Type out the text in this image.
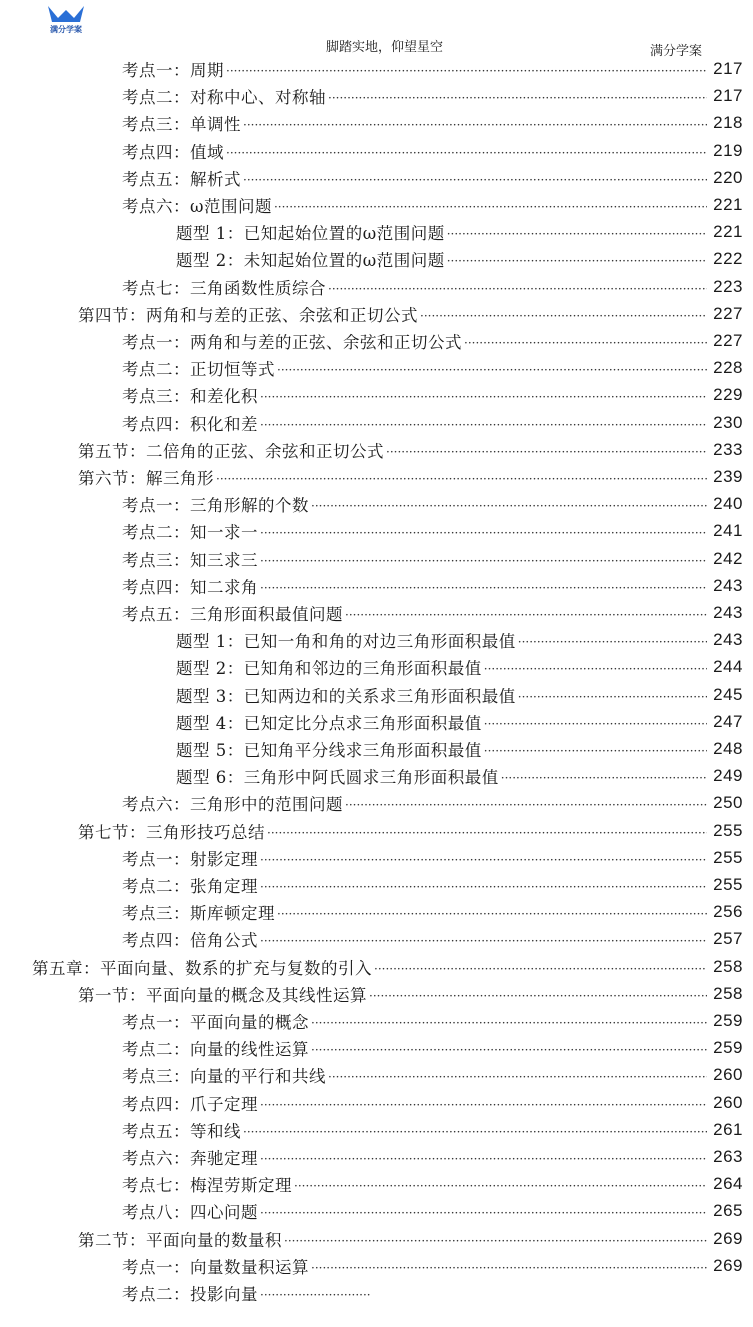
满分学案
脚踏实地，仰望星空	满分学案
考点一：周期 ·····	217
考点二：对称中心、对称轴 ·····	217
考点三：单调性 ·····	218
考点四：值域 ·····	219
考点五：解析式 ·····	220
考点六：ω范围问题 ·····	221
题型 1：已知起始位置的ω范围问题 ·····	221
题型 2：未知起始位置的ω范围问题 ·····	222
考点七：三角函数性质综合 ·····	223
第四节：两角和与差的正弦、余弦和正切公式 ·····	227
考点一：两角和与差的正弦、余弦和正切公式 ·····	227
考点二：正切恒等式 ·····	228
考点三：和差化积 ·····	229
考点四：积化和差 ·····	230
第五节：二倍角的正弦、余弦和正切公式 ·····	233
第六节：解三角形 ·····	239
考点一：三角形解的个数 ·····	240
考点二：知一求一 ·····	241
考点三：知三求三 ·····	242
考点四：知二求角 ·····	243
考点五：三角形面积最值问题 ·····	243
题型 1：已知一角和角的对边三角形面积最值 ·····	243
题型 2：已知角和邻边的三角形面积最值 ·····	244
题型 3：已知两边和的关系求三角形面积最值 ·····	245
题型 4：已知定比分点求三角形面积最值 ·····	247
题型 5：已知角平分线求三角形面积最值 ·····	248
题型 6：三角形中阿氏圆求三角形面积最值 ·····	249
考点六：三角形中的范围问题 ·····	250
第七节：三角形技巧总结 ·····	255
考点一：射影定理 ·····	255
考点二：张角定理 ·····	255
考点三：斯库顿定理 ·····	256
考点四：倍角公式 ·····	257
第五章：平面向量、数系的扩充与复数的引入 ·····	258
第一节：平面向量的概念及其线性运算 ·····	258
考点一：平面向量的概念 ·····	259
考点二：向量的线性运算 ·····	259
考点三：向量的平行和共线 ·····	260
考点四：爪子定理 ·····	260
考点五：等和线 ·····	261
考点六：奔驰定理 ·····	263
考点七：梅涅劳斯定理 ·····	264
考点八：四心问题 ·····	265
第二节：平面向量的数量积 ·····	269
考点一：向量数量积运算 ·····	269
考点二：投影向量
·····
